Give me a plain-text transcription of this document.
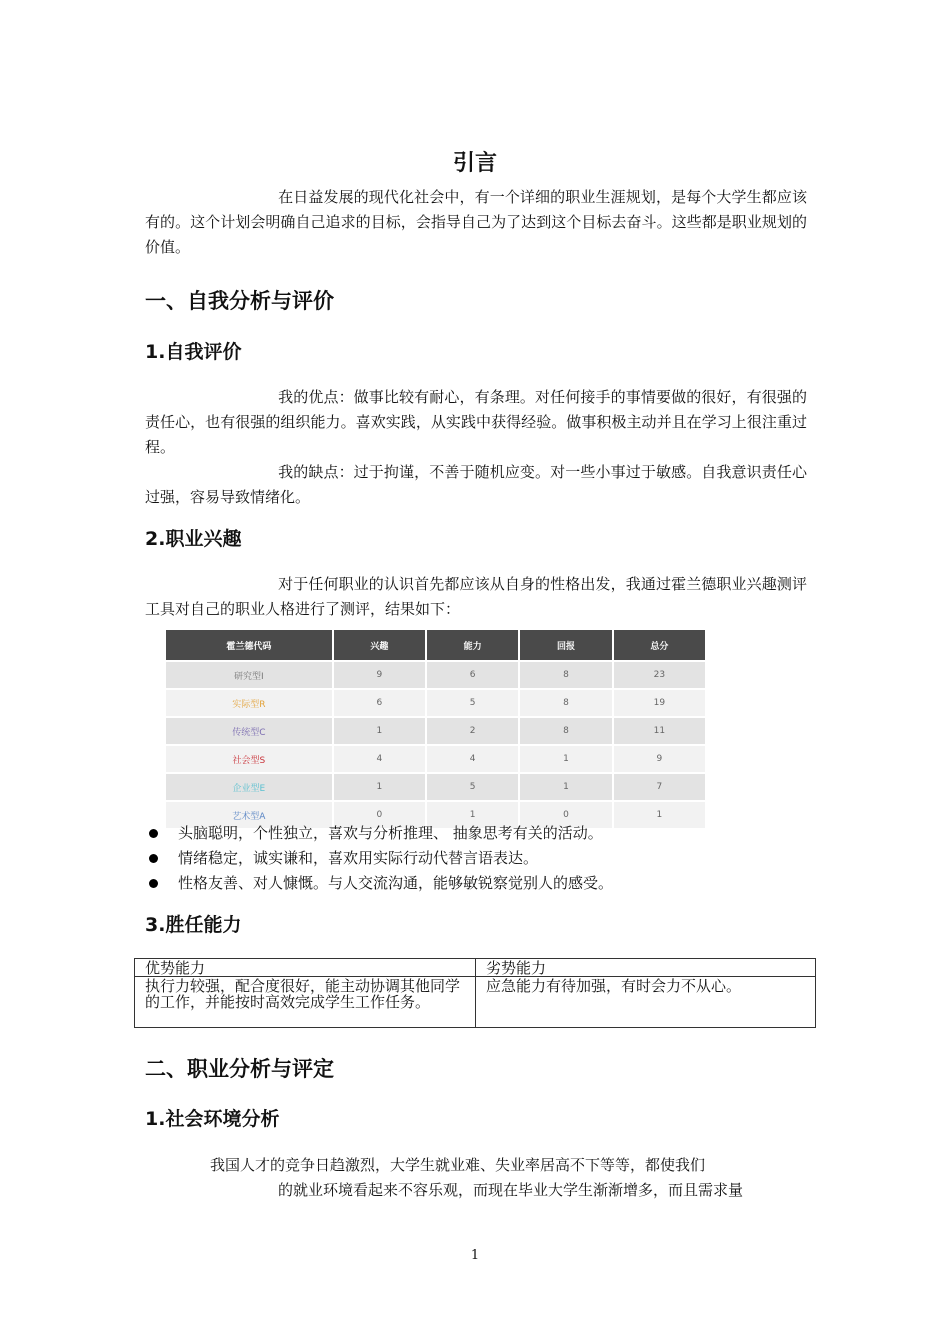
引言

在日益发展的现代化社会中，有一个详细的职业生涯规划，是每个大学生都应该有的。这个计划会明确自己追求的目标，会指导自己为了达到这个目标去奋斗。这些都是职业规划的价值。

一、自我分析与评价
1.自我评价

我的优点：做事比较有耐心，有条理。对任何接手的事情要做的很好，有很强的责任心，也有很强的组织能力。喜欢实践，从实践中获得经验。做事积极主动并且在学习上很注重过程。

我的缺点：过于拘谨，不善于随机应变。对一些小事过于敏感。自我意识责任心过强，容易导致情绪化。

2.职业兴趣

对于任何职业的认识首先都应该从自身的性格出发，我通过霍兰德职业兴趣测评工具对自己的职业人格进行了测评，结果如下：

霍兰德代码	兴趣	能力	回报	总分
研究型I	9	6	8	23
实际型R	6	5	8	19
传统型C	1	2	8	11
社会型S	4	4	1	9
企业型E	1	5	1	7
艺术型A	0	1	0	1
头脑聪明，个性独立，喜欢与分析推理、 抽象思考有关的活动。
情绪稳定，诚实谦和，喜欢用实际行动代替言语表达。
性格友善、对人慷慨。与人交流沟通，能够敏锐察觉别人的感受。
3.胜任能力
优势能力	劣势能力
执行力较强，配合度很好，能主动协调其他同学的工作，并能按时高效完成学生工作任务。	应急能力有待加强，有时会力不从心。
二、职业分析与评定
1.社会环境分析

我国人才的竞争日趋激烈，大学生就业难、失业率居高不下等等，都使我们

的就业环境看起来不容乐观，而现在毕业大学生渐渐增多，而且需求量

1
